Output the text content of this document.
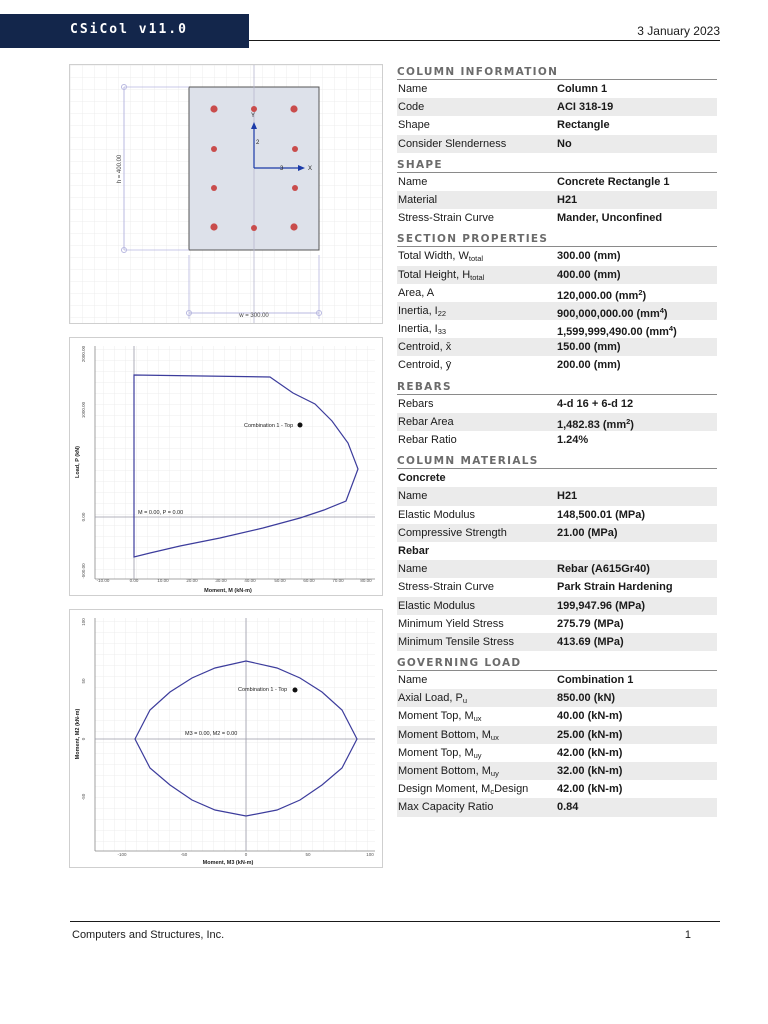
CSiCol v11.0	3 January 2023
h = 400.00
w = 300.00
2
3	X
Y
Combination 1 - Top
M = 0.00, P = 0.00
-10.00	0.00	10.00	20.00	30.00	40.00	50.00	60.00	70.00	80.00
2000.00
1000.00
0.00
-500.00
Moment, M (kN-m)
Load, P (kN)
Combination 1 - Top
M3 = 0.00, M2 = 0.00
-100	-50	0	50	100
100
50
0
-50
Moment, M3 (kN-m)
Moment, M2 (kN-m)
COLUMN INFORMATION
Name	Column 1
Code	ACI 318-19
Shape	Rectangle
Consider Slenderness	No
SHAPE
Name	Concrete Rectangle 1
Material	H21
Stress-Strain Curve	Mander, Unconfined
SECTION PROPERTIES
Total Width, $W_{total}$	300.00 (mm)
Total Height, $H_{total}$	400.00 (mm)
Area, A	120,000.00 $(mm^2)$
Inertia, $I_{22}$	900,000,000.00 $(mm^4)$
Inertia, $I_{33}$	1,599,999,490.00 $(mm^4)$
Centroid, x̄	150.00 (mm)
Centroid, ȳ	200.00 (mm)
REBARS
Rebars	4-d 16 + 6-d 12
Rebar Area	1,482.83 $(mm^2)$
Rebar Ratio	1.24%
COLUMN MATERIALS
Concrete
Name	H21
Elastic Modulus	148,500.01 (MPa)
Compressive Strength	21.00 (MPa)
Rebar
Name	Rebar (A615Gr40)
Stress-Strain Curve	Park Strain Hardening
Elastic Modulus	199,947.96 (MPa)
Minimum Yield Stress	275.79 (MPa)
Minimum Tensile Stress	413.69 (MPa)
GOVERNING LOAD
Name	Combination 1
Axial Load, $P_u$	850.00 (kN)
Moment Top, $M_{ux}$	40.00 (kN-m)
Moment Bottom, $M_{ux}$	25.00 (kN-m)
Moment Top, $M_{uy}$	42.00 (kN-m)
Moment Bottom, $M_{uy}$	32.00 (kN-m)
Design Moment, $M_cDesign$	42.00 (kN-m)
Max Capacity Ratio	0.84
Computers and Structures, Inc.	1
